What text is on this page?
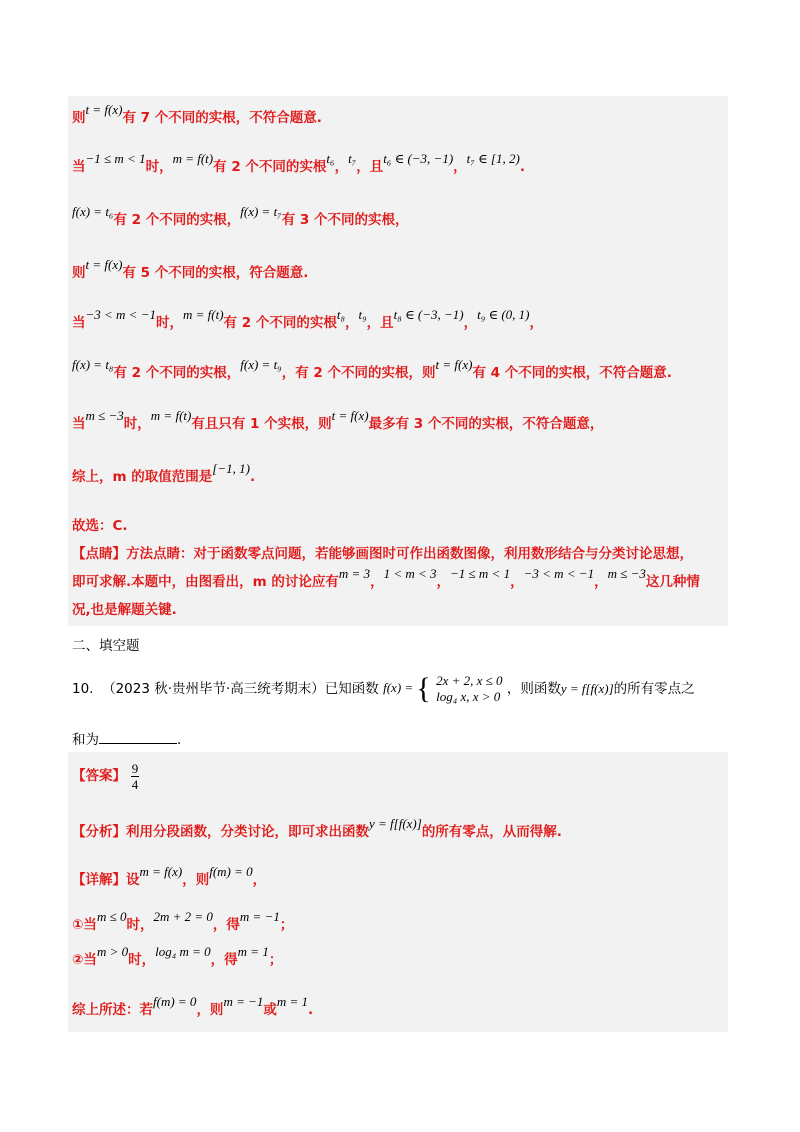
则t = f(x)有 7 个不同的实根，不符合题意.
当−1 ≤ m < 1时，m = f(t)有 2 个不同的实根t₆，t₇，且t₆ ∈ (−3, −1)，t₇ ∈ [1, 2).
f(x) = t₆有 2 个不同的实根，f(x) = t₇有 3 个不同的实根，
则t = f(x)有 5 个不同的实根，符合题意.
当−3 < m < −1时，m = f(t)有 2 个不同的实根t₈，t₉，且t₈ ∈ (−3, −1)，t₉ ∈ (0, 1)，
f(x) = t₈有 2 个不同的实根，f(x) = t₉，有 2 个不同的实根，则t = f(x)有 4 个不同的实根，不符合题意.
当m ≤ −3时，m = f(t)有且只有 1 个实根，则t = f(x)最多有 3 个不同的实根，不符合题意，
综上，m 的取值范围是[−1, 1).
故选：C.
【点睛】方法点睛：对于函数零点问题，若能够画图时可作出函数图像，利用数形结合与分类讨论思想，
即可求解.本题中，由图看出，m 的讨论应有m = 3，1 < m < 3，−1 ≤ m < 1，−3 < m < −1，m ≤ −3这几种情
况,也是解题关键.
二、填空题
10. （2023 秋·贵州毕节·高三统考期末）已知函数 f(x) = { 2x + 2, x ≤ 0
log₄ x, x > 0 ，则函数y = f[f(x)]的所有零点之
和为	.
【答案】 $\frac{9}{4}$
【分析】利用分段函数，分类讨论，即可求出函数y = f[f(x)]的所有零点，从而得解.
【详解】设m = f(x)，则f(m) = 0，
①当m ≤ 0时，2m + 2 = 0，得m = −1；
②当m > 0时，log₄ m = 0，得m = 1；
综上所述：若f(m) = 0，则m = −1或m = 1.
